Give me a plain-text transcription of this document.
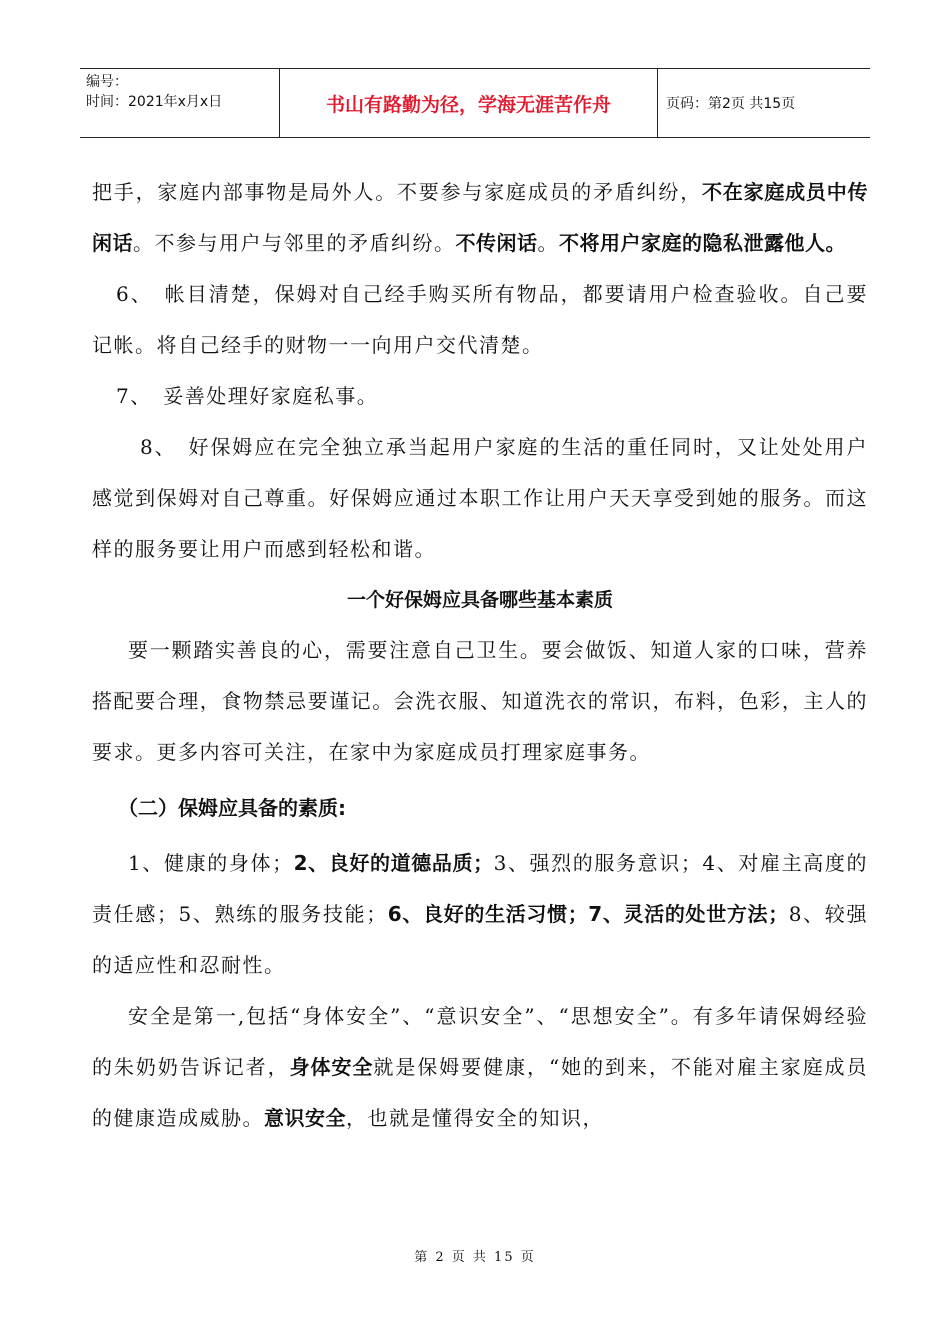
编号：
时间：2021年x月x日	书山有路勤为径，学海无涯苦作舟	页码：第2页 共15页

把手，家庭内部事物是局外人。不要参与家庭成员的矛盾纠纷，不在家庭成员中传闲话。不参与用户与邻里的矛盾纠纷。不传闲话。不将用户家庭的隐私泄露他人。

6、　帐目清楚，保姆对自己经手购买所有物品，都要请用户检查验收。自己要记帐。将自己经手的财物一一向用户交代清楚。

7、　妥善处理好家庭私事。

8、　好保姆应在完全独立承当起用户家庭的生活的重任同时，又让处处用户感觉到保姆对自己尊重。好保姆应通过本职工作让用户天天享受到她的服务。而这样的服务要让用户而感到轻松和谐。

一个好保姆应具备哪些基本素质

要一颗踏实善良的心，需要注意自己卫生。要会做饭、知道人家的口味，营养搭配要合理，食物禁忌要谨记。会洗衣服、知道洗衣的常识，布料，色彩，主人的要求。更多内容可关注，在家中为家庭成员打理家庭事务。

（二）保姆应具备的素质:

1、健康的身体；2、良好的道德品质；3、强烈的服务意识；4、对雇主高度的责任感；5、熟练的服务技能；6、良好的生活习惯；7、灵活的处世方法；8、较强的适应性和忍耐性。

安全是第一,包括“身体安全”、“意识安全”、“思想安全”。有多年请保姆经验的朱奶奶告诉记者，身体安全就是保姆要健康，“她的到来，不能对雇主家庭成员的健康造成威胁。意识安全，也就是懂得安全的知识，

第 2 页 共 15 页
